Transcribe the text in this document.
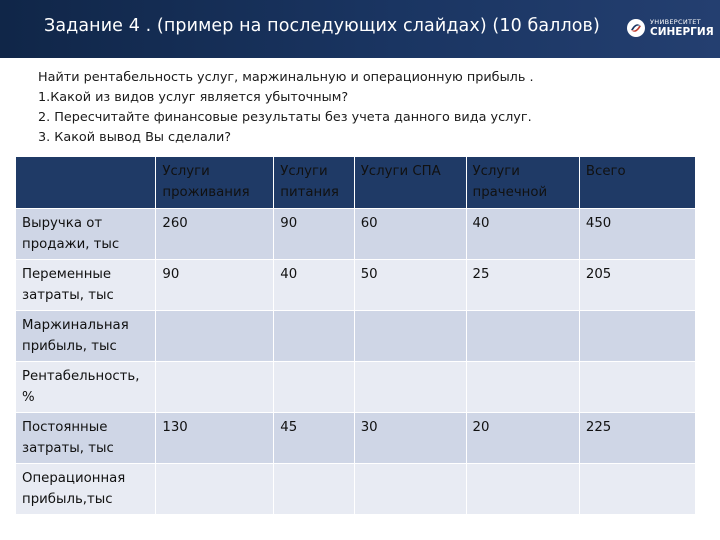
Задание 4 . (пример на последующих слайдах) (10 баллов)	УНИВЕРСИТЕТ
СИНЕРГИЯ
Найти рентабельность услуг, маржинальную и операционную прибыль .
1.Какой из видов услуг является убыточным?
2. Пересчитайте финансовые результаты без учета данного вида услуг.
3. Какой вывод Вы сделали?
	Услуги проживания	Услуги питания	Услуги СПА	Услуги прачечной	Всего
Выручка от продажи, тыс	260	90	60	40	450
Переменные затраты, тыс	90	40	50	25	205
Маржинальная прибыль, тыс					
Рентабельность, %					
Постоянные затраты, тыс	130	45	30	20	225
Операционная прибыль,тыс					
